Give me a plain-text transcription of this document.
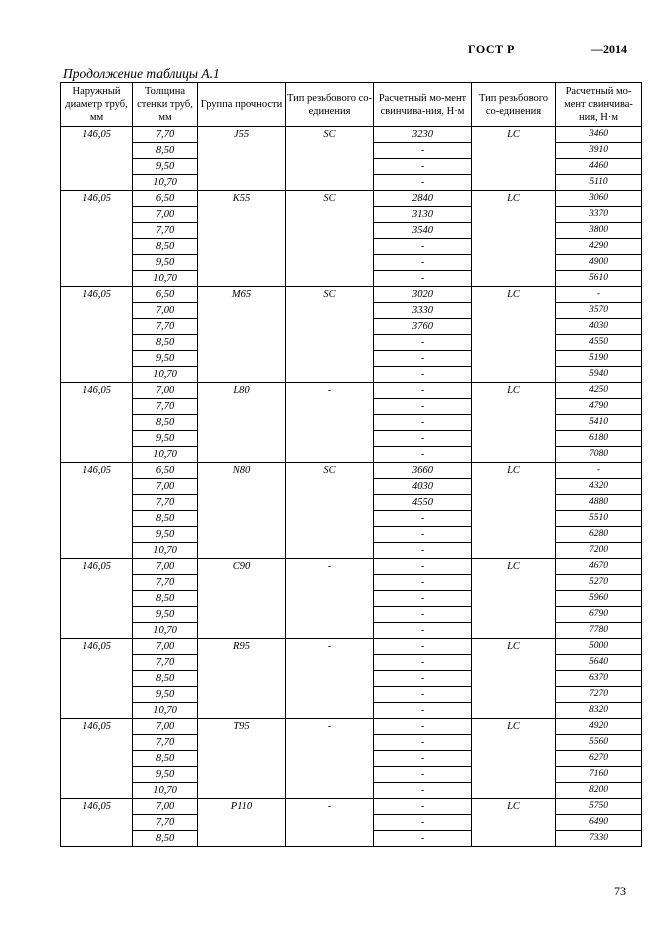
ГОСТ Р	—2014
Продолжение таблицы А.1
Наружный диаметр труб, мм	Толщина стенки труб, мм	Группа прочности	Тип резьбового со-единения	Расчетный мо-мент свинчива-ния, Н·м	Тип резьбового со-единения	Расчетный мо-мент свинчива-ния, Н·м
146,05	7,70	J55	SC	3230	LC	3460
	8,50			-		3910
	9,50			-		4460
	10,70			-		5110
146,05	6,50	K55	SC	2840	LC	3060
	7,00			3130		3370
	7,70			3540		3800
	8,50			-		4290
	9,50			-		4900
	10,70			-		5610
146,05	6,50	M65	SC	3020	LC	-
	7,00			3330		3570
	7,70			3760		4030
	8,50			-		4550
	9,50			-		5190
	10,70			-		5940
146,05	7,00	L80	-	-	LC	4250
	7,70			-		4790
	8,50			-		5410
	9,50			-		6180
	10,70			-		7080
146,05	6,50	N80	SC	3660	LC	-
	7,00			4030		4320
	7,70			4550		4880
	8,50			-		5510
	9,50			-		6280
	10,70			-		7200
146,05	7,00	C90	-	-	LC	4670
	7,70			-		5270
	8,50			-		5960
	9,50			-		6790
	10,70			-		7780
146,05	7,00	R95	-	-	LC	5000
	7,70			-		5640
	8,50			-		6370
	9,50			-		7270
	10,70			-		8320
146,05	7,00	T95	-	-	LC	4920
	7,70			-		5560
	8,50			-		6270
	9,50			-		7160
	10,70			-		8200
146,05	7,00	P110	-	-	LC	5750
	7,70			-		6490
	8,50			-		7330
73
